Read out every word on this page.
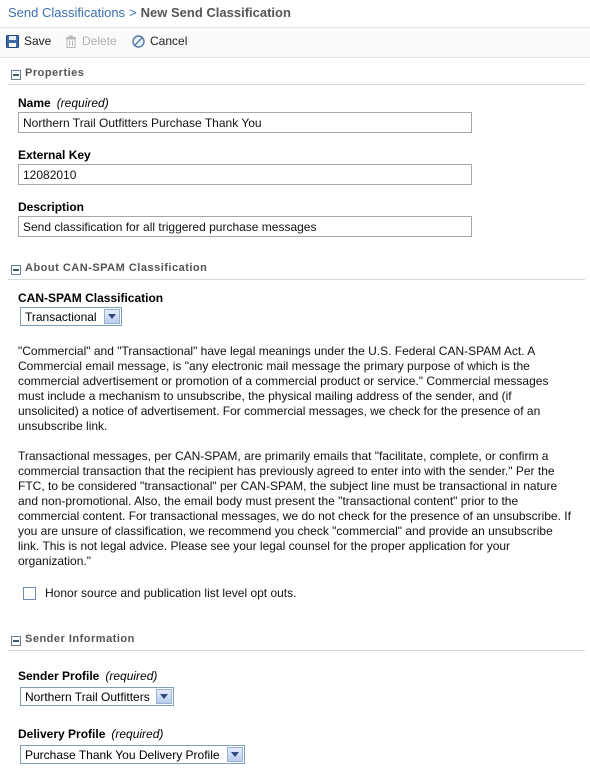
Send Classifications > New Send Classification
Save	Delete	Cancel
Properties
Name (required)
Northern Trail Outfitters Purchase Thank You
External Key
12082010
Description
Send classification for all triggered purchase messages
About CAN-SPAM Classification
CAN-SPAM Classification
Transactional

"Commercial" and "Transactional" have legal meanings under the U.S. Federal CAN-SPAM Act. A Commercial email message, is "any electronic mail message the primary purpose of which is the commercial advertisement or promotion of a commercial product or service." Commercial messages must include a mechanism to unsubscribe, the physical mailing address of the sender, and (if unsolicited) a notice of advertisement. For commercial messages, we check for the presence of an unsubscribe link.

Transactional messages, per CAN-SPAM, are primarily emails that "facilitate, complete, or confirm a commercial transaction that the recipient has previously agreed to enter into with the sender." Per the FTC, to be considered "transactional" per CAN-SPAM, the subject line must be transactional in nature and non-promotional. Also, the email body must present the "transactional content" prior to the commercial content. For transactional messages, we do not check for the presence of an unsubscribe. If you are unsure of classification, we recommend you check "commercial" and provide an unsubscribe link. This is not legal advice. Please see your legal counsel for the proper application for your organization."

Honor source and publication list level opt outs.
Sender Information
Sender Profile (required)
Northern Trail Outfitters
Delivery Profile (required)
Purchase Thank You Delivery Profile
